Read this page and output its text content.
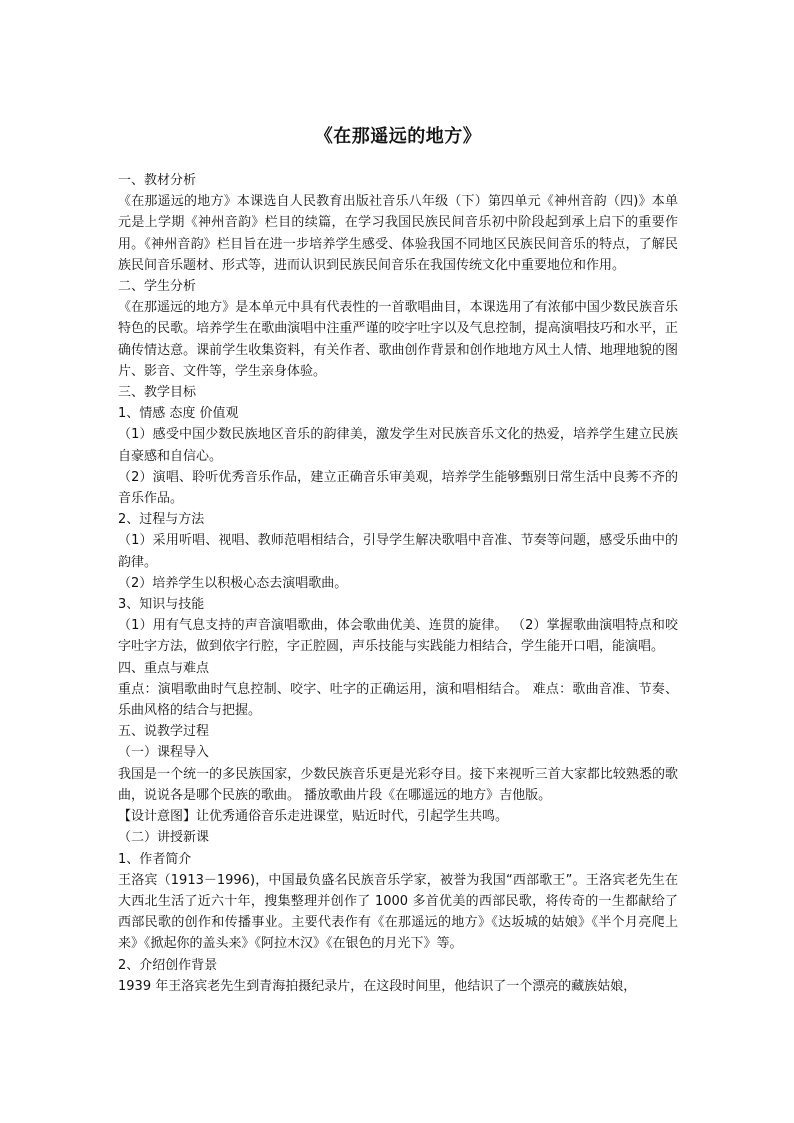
《在那遥远的地方》

一、教材分析

《在那遥远的地方》本课选自人民教育出版社音乐八年级（下）第四单元《神州音韵（四)》本单元是上学期《神州音韵》栏目的续篇，在学习我国民族民间音乐初中阶段起到承上启下的重要作用。《神州音韵》栏目旨在进一步培养学生感受、体验我国不同地区民族民间音乐的特点，了解民族民间音乐题材、形式等，进而认识到民族民间音乐在我国传统文化中重要地位和作用。

二、学生分析

《在那遥远的地方》是本单元中具有代表性的一首歌唱曲目，本课选用了有浓郁中国少数民族音乐特色的民歌。培养学生在歌曲演唱中注重严谨的咬字吐字以及气息控制，提高演唱技巧和水平，正确传情达意。课前学生收集资料，有关作者、歌曲创作背景和创作地地方风土人情、地理地貌的图片、影音、文件等，学生亲身体验。

三、教学目标

1、情感 态度 价值观

（1）感受中国少数民族地区音乐的韵律美，激发学生对民族音乐文化的热爱，培养学生建立民族自豪感和自信心。

（2）演唱、聆听优秀音乐作品，建立正确音乐审美观，培养学生能够甄别日常生活中良莠不齐的音乐作品。

2、过程与方法

（1）采用听唱、视唱、教师范唱相结合，引导学生解决歌唱中音准、节奏等问题，感受乐曲中的韵律。

（2）培养学生以积极心态去演唱歌曲。

3、知识与技能

（1）用有气息支持的声音演唱歌曲，体会歌曲优美、连贯的旋律。 （2）掌握歌曲演唱特点和咬字吐字方法，做到依字行腔，字正腔圆，声乐技能与实践能力相结合，学生能开口唱，能演唱。

四、重点与难点

重点：演唱歌曲时气息控制、咬字、吐字的正确运用，演和唱相结合。 难点：歌曲音准、节奏、乐曲风格的结合与把握。

五、说教学过程

（一）课程导入

我国是一个统一的多民族国家，少数民族音乐更是光彩夺目。接下来视听三首大家都比较熟悉的歌曲，说说各是哪个民族的歌曲。 播放歌曲片段《在哪遥远的地方》吉他版。

【设计意图】让优秀通俗音乐走进课堂，贴近时代，引起学生共鸣。

（二）讲授新课

1、作者简介

王洛宾（1913－1996)，中国最负盛名民族音乐学家，被誉为我国“西部歌王”。王洛宾老先生在大西北生活了近六十年，搜集整理并创作了 1000 多首优美的西部民歌，将传奇的一生都献给了西部民歌的创作和传播事业。主要代表作有《在那遥远的地方》《达坂城的姑娘》《半个月亮爬上来》《掀起你的盖头来》《阿拉木汉》《在银色的月光下》等。

2、介绍创作背景

1939 年王洛宾老先生到青海拍摄纪录片，在这段时间里，他结识了一个漂亮的藏族姑娘，
